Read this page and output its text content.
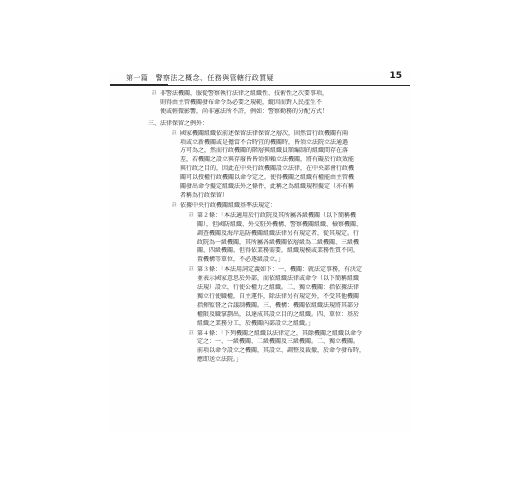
第一篇　警察法之概念、任務與管轄行政質疑	15
註 非警法機關，服從警察執行法律之組織性、技術性之次要事項，
則得由主管機關發布命令為必要之規範，縱因而對人民產生不
便或輕微影響，尚非憲法所不許，例如：警察勤務的分配方式！
三、法律保留之例外：
註 國家機關組織依前述保留法律保留之層次，固然當行政機關有兩
項或立新機關或是擔當不合時宜的機關時，皆須立法院立法通過
方可為之，然而行政機關的階層與組織員額編制的組織間存在落
差，若機關之設立與存廢皆皆須仰賴立法機關，將有礙於行政效能
與行政之目的，因此在中央行政機關設立法律，在中央部會行政機
關可以授權行政機關以命令定之，使得機關之組織有權能由主管機
關發出命令擬定組織法外之條件，此稱之為組織規程擬定（亦有稱
者稱為行政保留）
註 依據中央行政機關組織基準法規定：
註 第２條：「本法適用於行政院及其所屬各級機關（以下簡稱機
關），但國防組織、外交駐外機構、警察機關組織、檢察機關、
調查機關及海岸巡防機關組織法律另有規定者，從其規定。行
政院為一級機關，其所屬各級機關依層級為二級機關、三級機
關、四級機關。但得依業務需要，組織規模或業務性質不同，
置機構等單位，不必逐級設立。」
註 第３條：「本法用詞定義如下：一、機關：就法定事務，有決定
並表示國家意思於外部，而依組織法律或命令（以下簡稱組織
法規）設立，行使公權力之組織。二、獨立機關：指依據法律
獨立行使職權，自主運作，除法律另有規定外，不受其他機關
指揮監督之合議制機關。三、機構：機關依組織法規將其部分
權限及職掌劃出，以達成其設立目的之組織。四、單位：基於
組織之業務分工，於機關內部設立之組織。」
註 第４條：「下列機關之組織以法律定之，其餘機關之組織以命令
定之：一、一級機關、二級機關及三級機關。二、獨立機關。
前項以命令設立之機關，其設立、調整及裁撤，於命令發布時，
應即送立法院。」
